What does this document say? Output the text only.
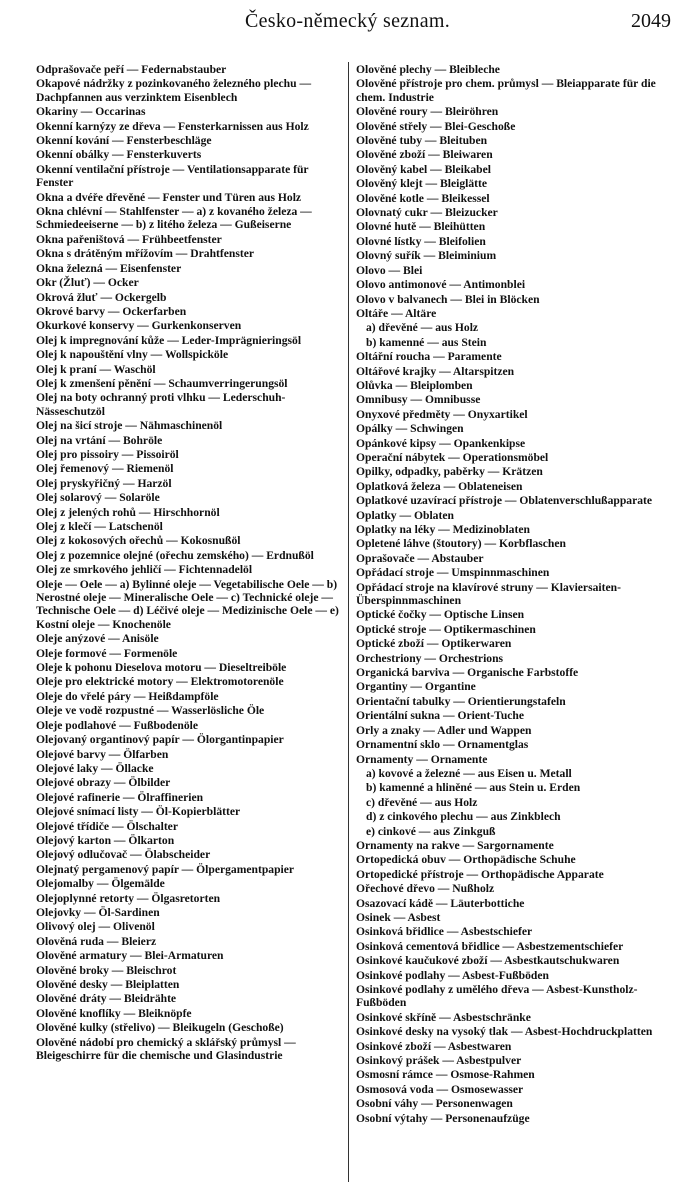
Česko-německý seznam.	2049
Odprašovače peří — Federnabstauber
Okapové nádržky z pozinkovaného železného plechu — Dachpfannen aus verzinktem Eisenblech
Okariny — Occarinas
Okenní karnýzy ze dřeva — Fensterkarnissen aus Holz
Okenní kování — Fensterbeschläge
Okenní obálky — Fensterkuverts
Okenní ventilační přístroje — Ventilationsapparate für Fenster
Okna a dvéře dřevěné — Fenster und Türen aus Holz
Okna chlévní — Stahlfenster — a) z kovaného železa — Schmiedeeiserne — b) z litého železa — Gußeiserne
Okna pařeništová — Frühbeetfenster
Okna s drátěným mřížovím — Drahtfenster
Okna železná — Eisenfenster
Okr (Žluť) — Ocker
Okrová žluť — Ockergelb
Okrové barvy — Ockerfarben
Okurkové konservy — Gurkenkonserven
Olej k impregnování kůže — Leder-Imprägnieringsöl
Olej k napouštění vlny — Wollspicköle
Olej k praní — Waschöl
Olej k zmenšení pěnění — Schaumverringerungsöl
Olej na boty ochranný proti vlhku — Lederschuh-Nässeschutzöl
Olej na šicí stroje — Nähmaschinenöl
Olej na vrtání — Bohröle
Olej pro pissoiry — Pissoiröl
Olej řemenový — Riemenöl
Olej pryskyřičný — Harzöl
Olej solarový — Solaröle
Olej z jelených rohů — Hirschhornöl
Olej z klečí — Latschenöl
Olej z kokosových ořechů — Kokosnußöl
Olej z pozemnice olejné (ořechu zemského) — Erdnußöl
Olej ze smrkového jehličí — Fichtennadelöl
Oleje — Oele — a) Bylinné oleje — Vegetabilische Oele — b) Nerostné oleje — Mineralische Oele — c) Technické oleje — Technische Oele — d) Léčivé oleje — Medizinische Oele — e) Kostní oleje — Knochenöle
Oleje anýzové — Anisöle
Oleje formové — Formenöle
Oleje k pohonu Dieselova motoru — Dieseltreiböle
Oleje pro elektrické motory — Elektromotorenöle
Oleje do vřelé páry — Heißdampföle
Oleje ve vodě rozpustné — Wasserlösliche Öle
Oleje podlahové — Fußbodenöle
Olejovaný organtinový papír — Ölorgantinpapier
Olejové barvy — Ölfarben
Olejové laky — Öllacke
Olejové obrazy — Ölbilder
Olejové rafinerie — Ölraffinerien
Olejové snímací listy — Öl-Kopierblätter
Olejové třídiče — Ölschalter
Olejový karton — Ölkarton
Olejový odlučovač — Ölabscheider
Olejnatý pergamenový papír — Ölpergamentpapier
Olejomalby — Ölgemälde
Olejoplynné retorty — Ölgasretorten
Olejovky — Öl-Sardinen
Olivový olej — Olivenöl
Olověná ruda — Bleierz
Olověné armatury — Blei-Armaturen
Olověné broky — Bleischrot
Olověné desky — Bleiplatten
Olověné dráty — Bleidrähte
Olověné knoflíky — Bleiknöpfe
Olověné kulky (střelivo) — Bleikugeln (Geschoße)
Olověné nádobí pro chemický a sklářský průmysl — Bleigeschirre für die chemische und Glasindustrie
Olověné plechy — Bleibleche
Olověné přístroje pro chem. průmysl — Bleiapparate für die chem. Industrie
Olověné roury — Bleiröhren
Olověné střely — Blei-Geschoße
Olověné tuby — Bleituben
Olověné zboží — Bleiwaren
Olověný kabel — Bleikabel
Olověný klejt — Bleiglätte
Olověné kotle — Bleikessel
Olovnatý cukr — Bleizucker
Olovné hutě — Bleihütten
Olovné lístky — Bleifolien
Olovný suřík — Bleiminium
Olovo — Blei
Olovo antimonové — Antimonblei
Olovo v balvanech — Blei in Blöcken
Oltáře — Altäre
a) dřevěné — aus Holz
b) kamenné — aus Stein
Oltářní roucha — Paramente
Oltářové krajky — Altarspitzen
Olůvka — Bleiplomben
Omnibusy — Omnibusse
Onyxové předměty — Onyxartikel
Opálky — Schwingen
Opánkové kipsy — Opankenkipse
Operační nábytek — Operationsmöbel
Opilky, odpadky, paběrky — Krätzen
Oplatková železa — Oblateneisen
Oplatkové uzavírací přístroje — Oblatenverschlußapparate
Oplatky — Oblaten
Oplatky na léky — Medizinoblaten
Opletené láhve (štoutory) — Korbflaschen
Oprašovače — Abstauber
Opřádací stroje — Umspinnmaschinen
Opřádací stroje na klavírové struny — Klaviersaiten-Überspinnmaschinen
Optické čočky — Optische Linsen
Optické stroje — Optikermaschinen
Optické zboží — Optikerwaren
Orchestriony — Orchestrions
Organická barviva — Organische Farbstoffe
Organtiny — Organtine
Orientační tabulky — Orientierungstafeln
Orientální sukna — Orient-Tuche
Orly a znaky — Adler und Wappen
Ornamentní sklo — Ornamentglas
Ornamenty — Ornamente
a) kovové a železné — aus Eisen u. Metall
b) kamenné a hliněné — aus Stein u. Erden
c) dřevěné — aus Holz
d) z cinkového plechu — aus Zinkblech
e) cinkové — aus Zinkguß
Ornamenty na rakve — Sargornamente
Ortopedická obuv — Orthopädische Schuhe
Ortopedické přístroje — Orthopädische Apparate
Ořechové dřevo — Nußholz
Osazovací kádě — Läuterbottiche
Osinek — Asbest
Osinková břidlice — Asbestschiefer
Osinková cementová břidlice — Asbestzementschiefer
Osinkové kaučukové zboží — Asbestkautschukwaren
Osinkové podlahy — Asbest-Fußböden
Osinkové podlahy z umělého dřeva — Asbest-Kunstholz-Fußböden
Osinkové skříně — Asbestschränke
Osinkové desky na vysoký tlak — Asbest-Hochdruckplatten
Osinkové zboží — Asbestwaren
Osinkový prášek — Asbestpulver
Osmosní rámce — Osmose-Rahmen
Osmosová voda — Osmosewasser
Osobní váhy — Personenwagen
Osobní výtahy — Personenaufzüge
